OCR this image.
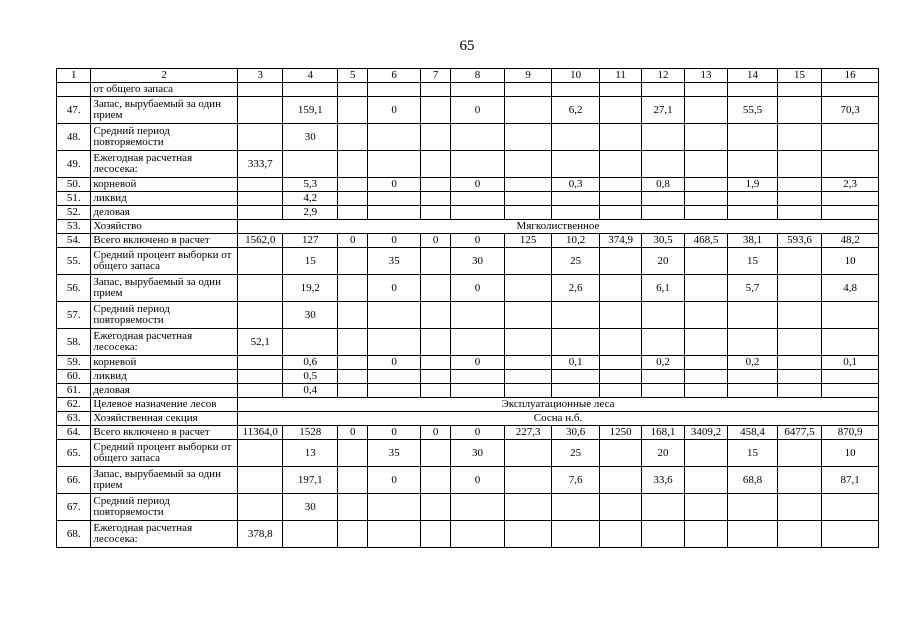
65
1	2	3	4	5	6	7	8	9	10	11	12	13	14	15	16
	от общего запаса														
47.	Запас, вырубаемый за один прием		159,1		0		0		6,2		27,1		55,5		70,3
48.	Средний период повторяемости		30												
49.	Ежегодная расчетная лесосека:	333,7													
50.	корневой		5,3		0		0		0,3		0,8		1,9		2,3
51.	ликвид		4,2												
52.	деловая		2,9												
53.	Хозяйство	Мягколиственное													
54.	Всего включено в расчет	1562,0	127	0	0	0	0	125	10,2	374,9	30,5	468,5	38,1	593,6	48,2
55.	Средний процент выборки от общего запаса		15		35		30		25		20		15		10
56.	Запас, вырубаемый за один прием		19,2		0		0		2,6		6,1		5,7		4,8
57.	Средний период повторяемости		30												
58.	Ежегодная расчетная лесосека:	52,1													
59.	корневой		0,6		0		0		0,1		0,2		0,2		0,1
60.	ликвид		0,5												
61.	деловая		0,4												
62.	Целевое назначение лесов	Эксплуатационные леса													
63.	Хозяйственная секция	Сосна н.б.													
64.	Всего включено в расчет	11364,0	1528	0	0	0	0	227,3	30,6	1250	168,1	3409,2	458,4	6477,5	870,9
65.	Средний процент выборки от общего запаса		13		35		30		25		20		15		10
66.	Запас, вырубаемый за один прием		197,1		0		0		7,6		33,6		68,8		87,1
67.	Средний период повторяемости		30												
68.	Ежегодная расчетная лесосека:	378,8													
